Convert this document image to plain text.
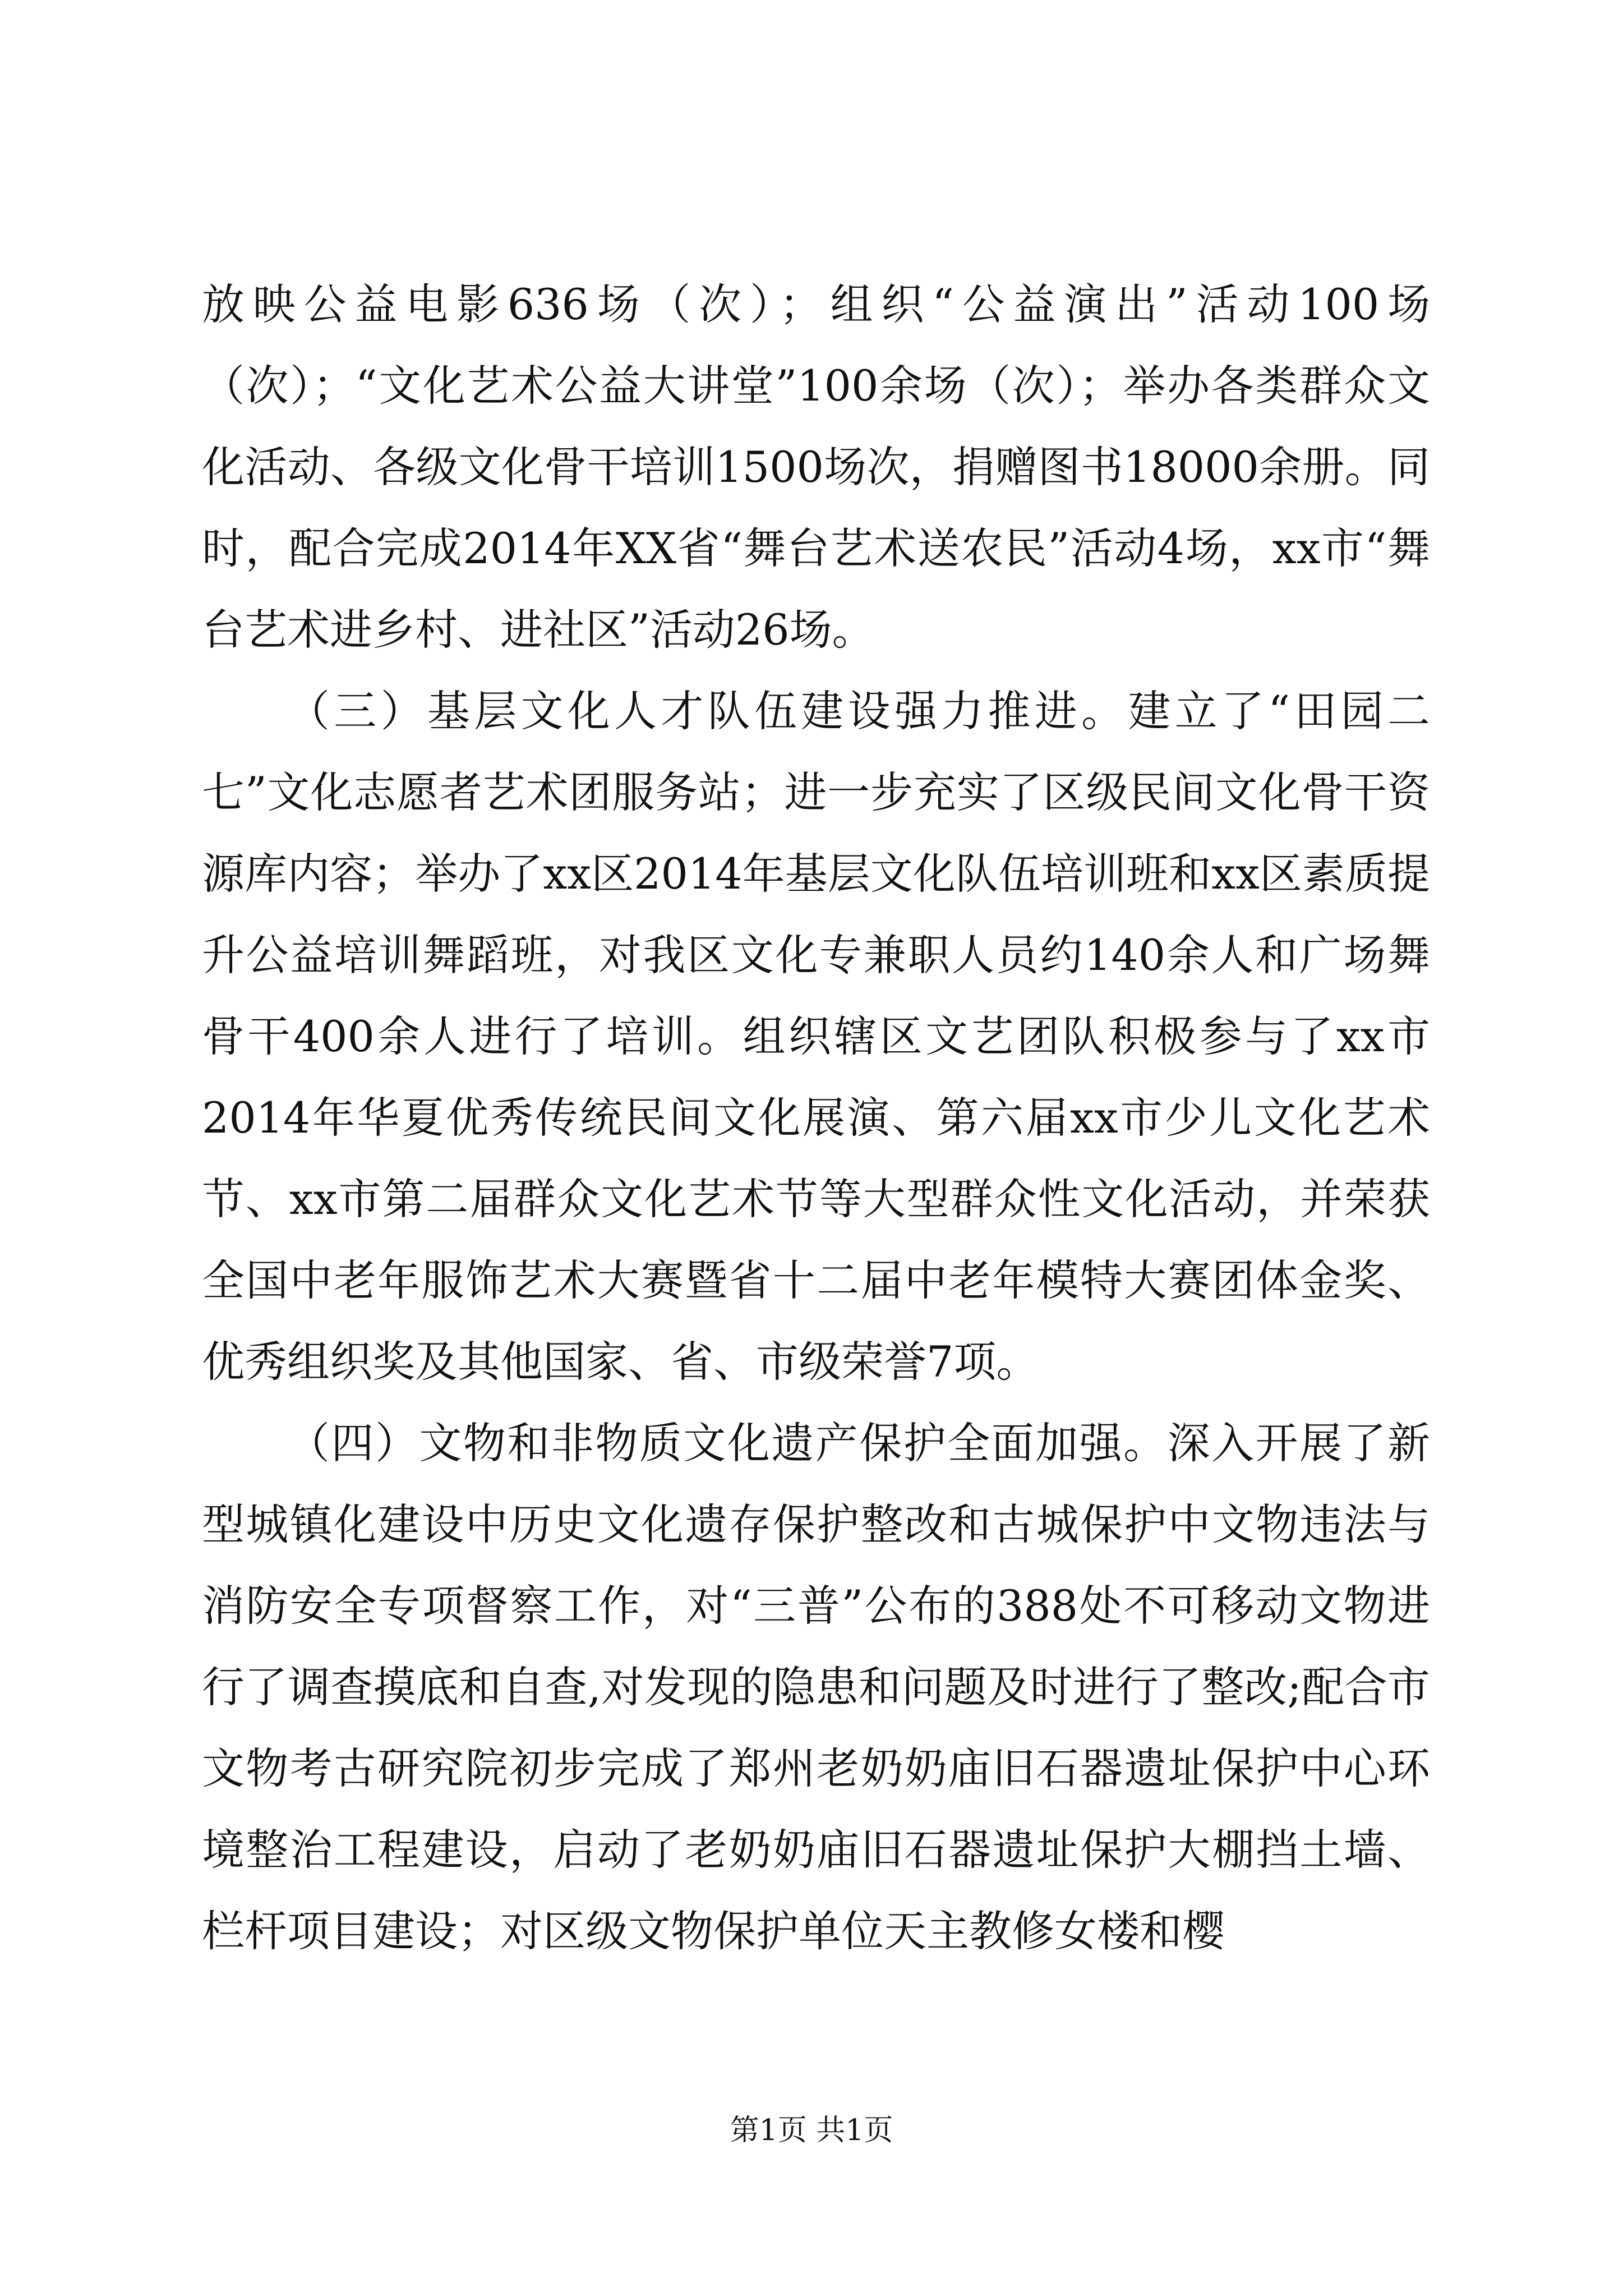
放映公益电影636场（次）；组织“公益演出”活动100场（次）；“文化艺术公益大讲堂”100余场（次）；举办各类群众文化活动、各级文化骨干培训1500场次，捐赠图书18000余册。同时，配合完成2014年XX省“舞台艺术送农民”活动4场，xx市“舞台艺术进乡村、进社区”活动26场。

（三）基层文化人才队伍建设强力推进。建立了“田园二七”文化志愿者艺术团服务站；进一步充实了区级民间文化骨干资源库内容；举办了xx区2014年基层文化队伍培训班和xx区素质提升公益培训舞蹈班，对我区文化专兼职人员约140余人和广场舞骨干400余人进行了培训。组织辖区文艺团队积极参与了xx市2014年华夏优秀传统民间文化展演、第六届xx市少儿文化艺术节、xx市第二届群众文化艺术节等大型群众性文化活动，并荣获全国中老年服饰艺术大赛暨省十二届中老年模特大赛团体金奖、优秀组织奖及其他国家、省、市级荣誉7项。

（四）文物和非物质文化遗产保护全面加强。深入开展了新型城镇化建设中历史文化遗存保护整改和古城保护中文物违法与消防安全专项督察工作，对“三普”公布的388处不可移动文物进行了调查摸底和自查,对发现的隐患和问题及时进行了整改;配合市文物考古研究院初步完成了郑州老奶奶庙旧石器遗址保护中心环境整治工程建设，启动了老奶奶庙旧石器遗址保护大棚挡土墙、栏杆项目建设；对区级文物保护单位天主教修女楼和樱

第1页 共1页
